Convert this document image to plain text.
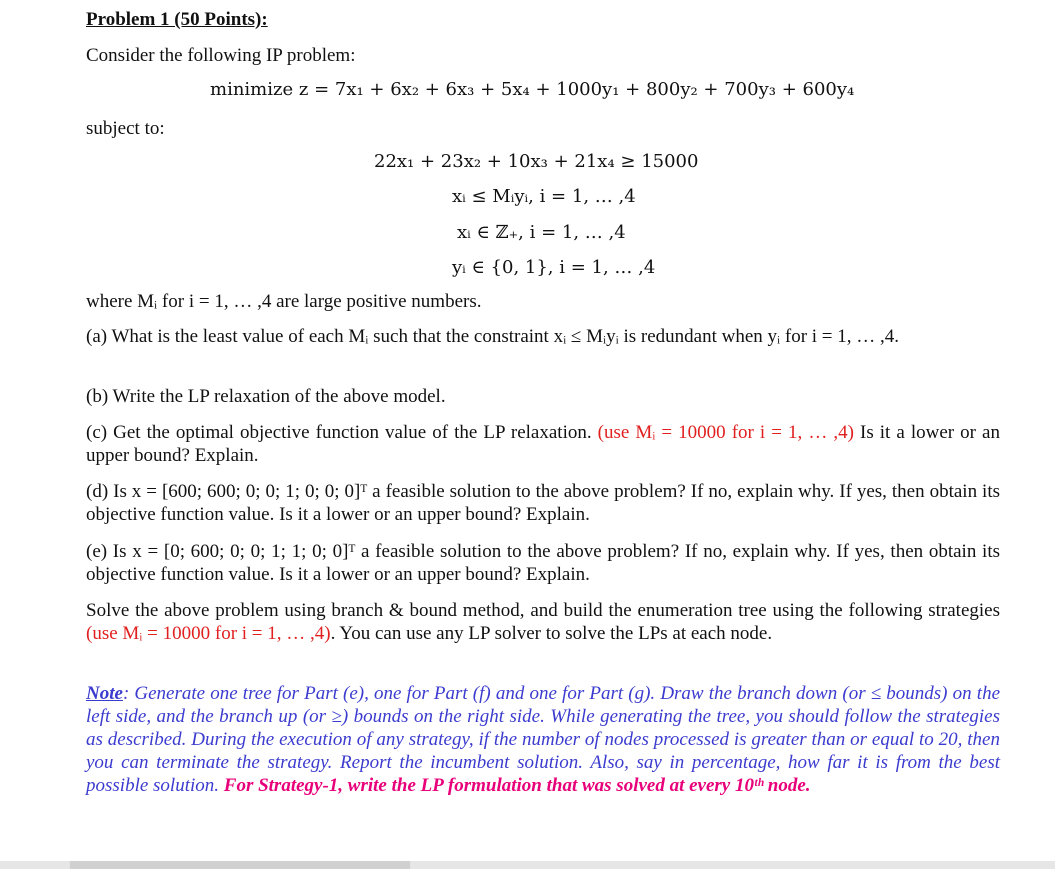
Problem 1 (50 Points):
Consider the following IP problem:
minimize z = 7x₁ + 6x₂ + 6x₃ + 5x₄ + 1000y₁ + 800y₂ + 700y₃ + 600y₄
subject to:
22x₁ + 23x₂ + 10x₃ + 21x₄ ≥ 15000
xᵢ ≤ Mᵢyᵢ, i = 1, … ,4
xᵢ ∈ ℤ₊, i = 1, … ,4
yᵢ ∈ {0, 1}, i = 1, … ,4
where Mᵢ for i = 1, … ,4 are large positive numbers.
(a) What is the least value of each Mᵢ such that the constraint xᵢ ≤ Mᵢyᵢ is redundant when yᵢ for i = 1, … ,4.
(b) Write the LP relaxation of the above model.
(c) Get the optimal objective function value of the LP relaxation. (use Mᵢ = 10000 for i = 1, … ,4) Is it a lower or an upper bound? Explain.
(d) Is x = [600; 600; 0; 0; 1; 0; 0; 0]ᵀ a feasible solution to the above problem? If no, explain why. If yes, then obtain its objective function value. Is it a lower or an upper bound? Explain.
(e) Is x = [0; 600; 0; 0; 1; 1; 0; 0]ᵀ a feasible solution to the above problem? If no, explain why. If yes, then obtain its objective function value. Is it a lower or an upper bound? Explain.
Solve the above problem using branch & bound method, and build the enumeration tree using the following strategies (use Mᵢ = 10000 for i = 1, … ,4). You can use any LP solver to solve the LPs at each node.
Note: Generate one tree for Part (e), one for Part (f) and one for Part (g). Draw the branch down (or ≤ bounds) on the left side, and the branch up (or ≥) bounds on the right side. While generating the tree, you should follow the strategies as described. During the execution of any strategy, if the number of nodes processed is greater than or equal to 20, then you can terminate the strategy. Report the incumbent solution. Also, say in percentage, how far it is from the best possible solution. For Strategy-1, write the LP formulation that was solved at every 10ᵗʰ node.
